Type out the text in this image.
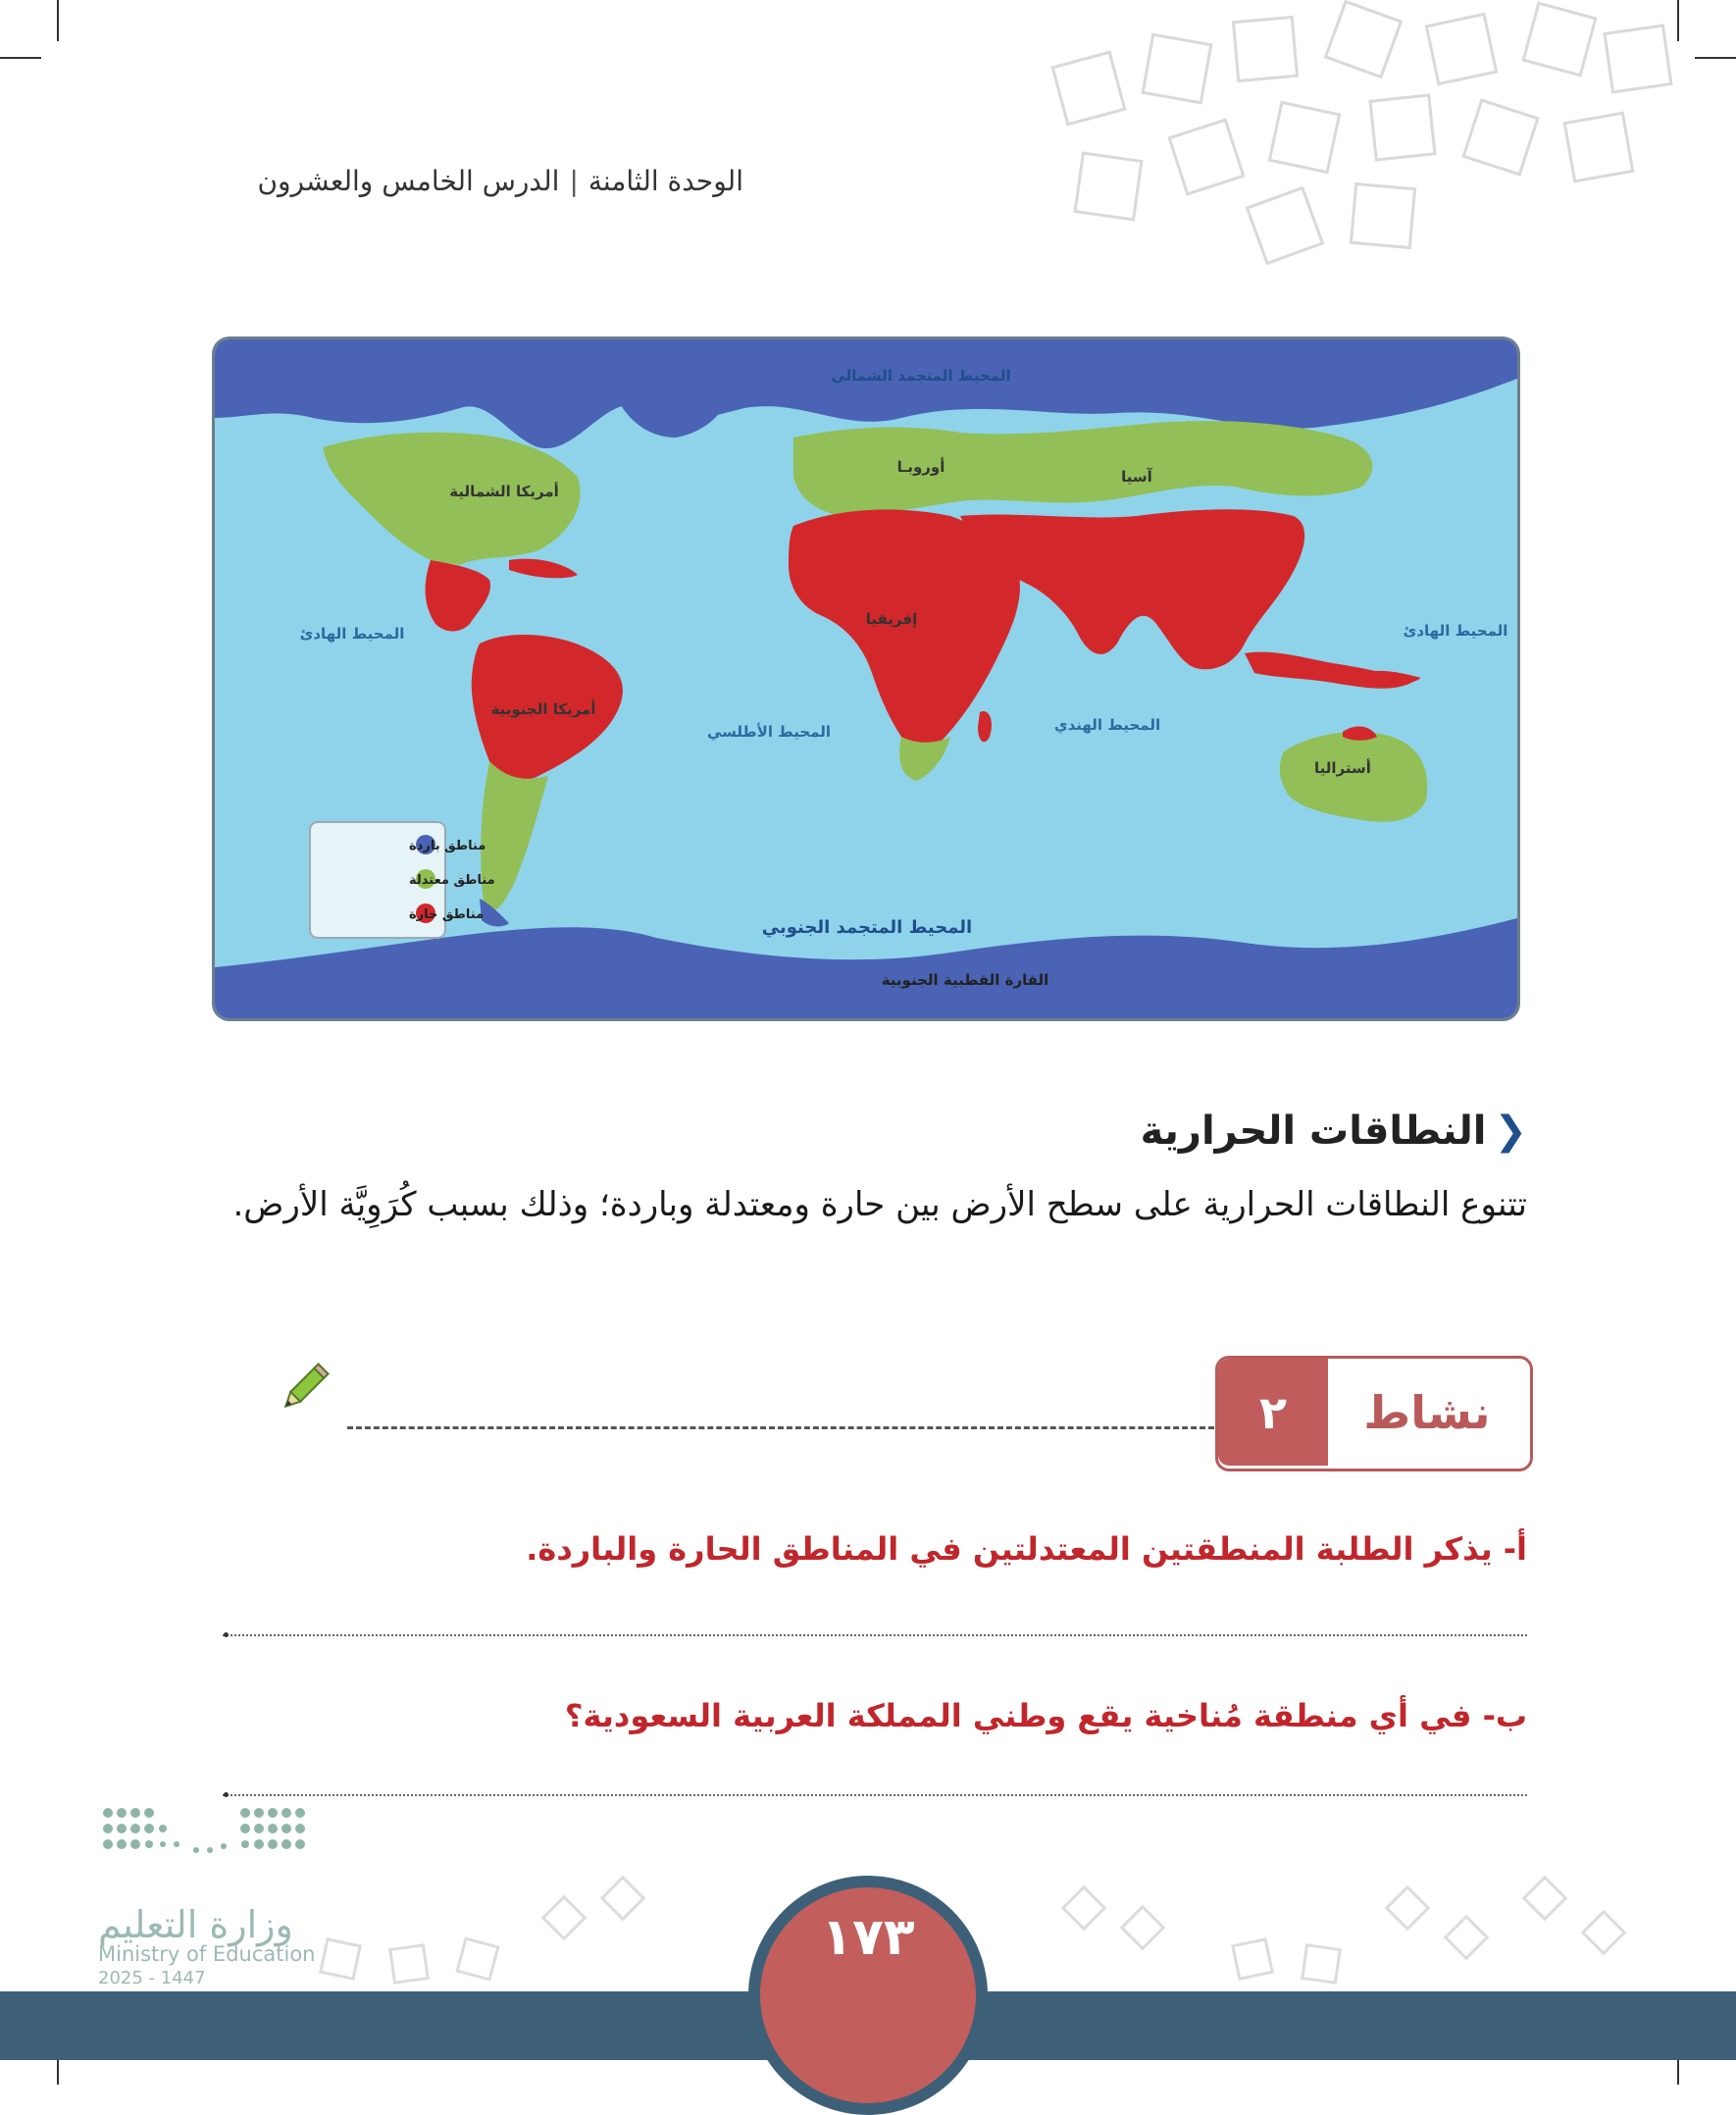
الوحدة الثامنة|الدرس الخامس والعشرون
المحيط المتجمد الشمالي
أمريكا الشمالية
أوروبـا
آسيا
المحيط الهادئ	المحيط الهادئ
إفريقيا
أمريكا الجنوبية
المحيط الأطلسي	المحيط الهندي
أستراليا
المحيط المتجمد الجنوبي
القارة القطبية الجنوبية
مناطق باردة
مناطق معتدلة
مناطق حارة
❮النطاقات الحرارية
تتنوع النطاقات الحرارية على سطح الأرض بين حارة ومعتدلة وباردة؛ وذلك بسبب كُرَوِيَّة الأرض.
٢	نشاط
أ- يذكر الطلبة المنطقتين المعتدلتين في المناطق الحارة والباردة.
ب- في أي منطقة مُناخية يقع وطني المملكة العربية السعودية؟
وزارة التعليم
Ministry of Education
2025 - 1447
١٧٣
